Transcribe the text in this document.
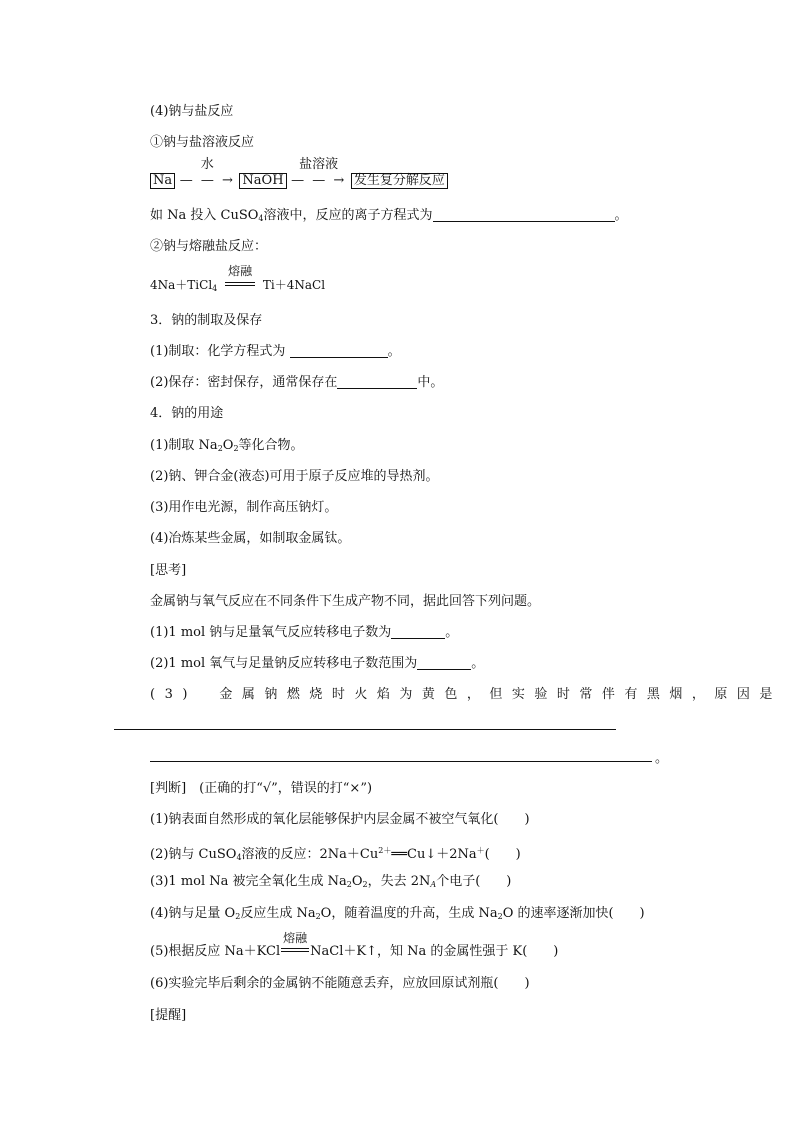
(4)钠与盐反应
①钠与盐溶液反应
Na
水
— — → NaOH
盐溶液
— — → 发生复分解反应
如 Na 投入 CuSO$_4$溶液中，反应的离子方程式为	。
②钠与熔融盐反应：
4Na＋TiCl$_4$
熔融
Ti＋4NaCl
3．钠的制取及保存
(1)制取：化学方程式为	。
(2)保存：密封保存，通常保存在	中。
4．钠的用途
(1)制取 $Na_2O_2$等化合物。
(2)钠、钾合金(液态)可用于原子反应堆的导热剂。
(3)用作电光源，制作高压钠灯。
(4)冶炼某些金属，如制取金属钛。
[思考]
金属钠与氧气反应在不同条件下生成产物不同，据此回答下列问题。
(1)1 mol 钠与足量氧气反应转移电子数为	。
(2)1 mol 氧气与足量钠反应转移电子数范围为	。
(3)　金属钠燃烧时火焰为黄色，但实验时常伴有黑烟，原因是
。
[判断]　(正确的打“√”，错误的打“×”)
(1)钠表面自然形成的氧化层能够保护内层金属不被空气氧化(　　)
(2)钠与 CuSO$_4$溶液的反应：$2Na+Cu^{2+}══Cu↓+2Na^+$(　　)
(3)1 mol Na 被完全氧化生成 $Na_2O_2$，失去 $2N_A$个电子(　　)
(4)钠与足量 $O_2$反应生成 $Na_2O$，随着温度的升高，生成 $Na_2O$ 的速率逐渐加快(　　)
(5)根据反应 Na＋KCl
熔融
NaCl＋K↑，知 Na 的金属性强于 K(　　)
(6)实验完毕后剩余的金属钠不能随意丢弃，应放回原试剂瓶(　　)
[提醒]
